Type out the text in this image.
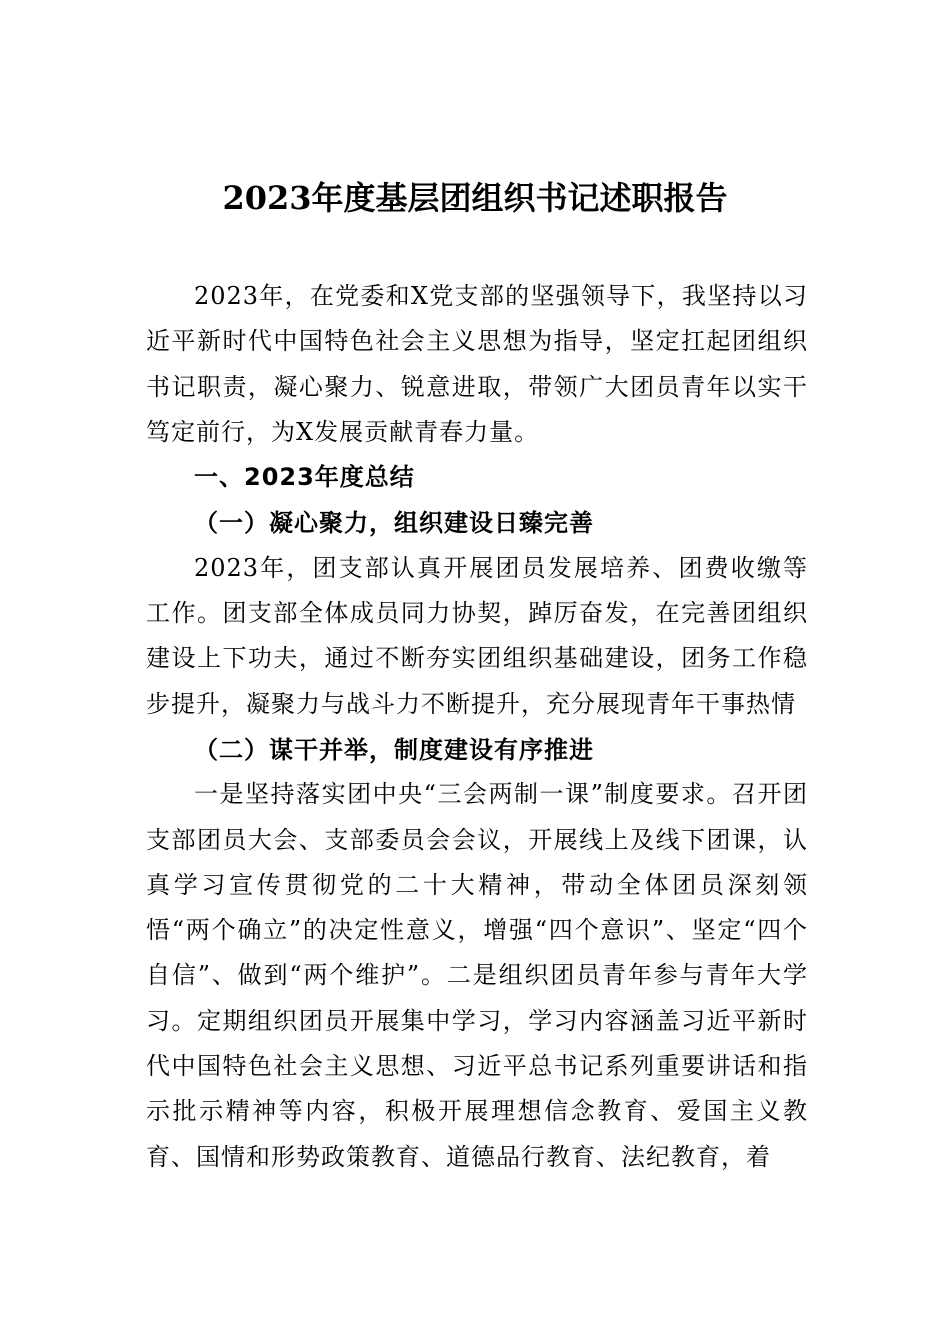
2023年度基层团组织书记述职报告

2023年，在党委和X党支部的坚强领导下，我坚持以习近平新时代中国特色社会主义思想为指导，坚定扛起团组织书记职责，凝心聚力、锐意进取，带领广大团员青年以实干笃定前行，为X发展贡献青春力量。

一、2023年度总结

（一）凝心聚力，组织建设日臻完善

2023年，团支部认真开展团员发展培养、团费收缴等工作。团支部全体成员同力协契，踔厉奋发，在完善团组织建设上下功夫，通过不断夯实团组织基础建设，团务工作稳步提升，凝聚力与战斗力不断提升，充分展现青年干事热情

（二）谋干并举，制度建设有序推进

一是坚持落实团中央“三会两制一课”制度要求。召开团支部团员大会、支部委员会会议，开展线上及线下团课，认真学习宣传贯彻党的二十大精神，带动全体团员深刻领悟“两个确立”的决定性意义，增强“四个意识”、坚定“四个自信”、做到“两个维护”。二是组织团员青年参与青年大学习。定期组织团员开展集中学习，学习内容涵盖习近平新时代中国特色社会主义思想、习近平总书记系列重要讲话和指示批示精神等内容，积极开展理想信念教育、爱国主义教育、国情和形势政策教育、道德品行教育、法纪教育，着
